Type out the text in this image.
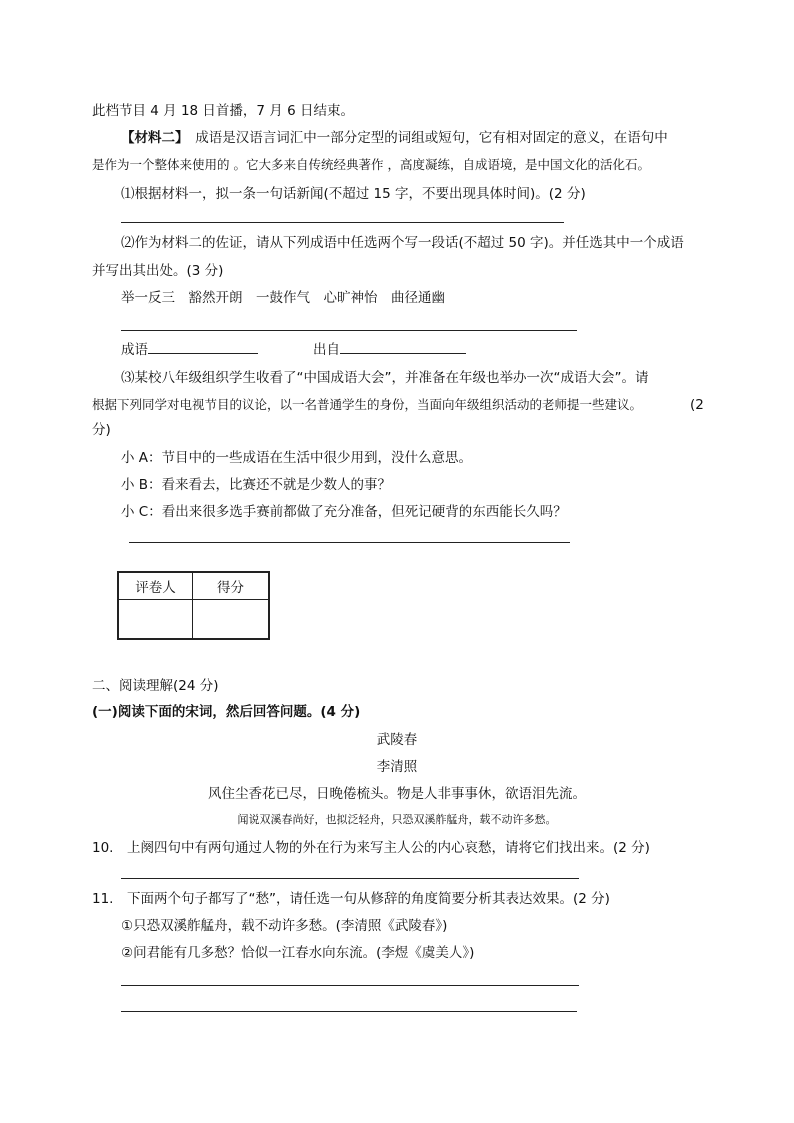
此档节目 4 月 18 日首播，7 月 6 日结束。
【材料二】　 成语是汉语言词汇中一部分定型的词组或短句，它有相对固定的意义，在语句中
是作为一个整体来使用的 。它大多来自传统经典著作 ，高度凝练，自成语境，是中国文化的活化石。
⑴根据材料一，拟一条一句话新闻(不超过 15 字，不要出现具体时间)。(2 分)
⑵作为材料二的佐证，请从下列成语中任选两个写一段话(不超过 50 字)。并任选其中一个成语
并写出其出处。(3 分)
举一反三　 豁然开朗　 一鼓作气　 心旷神怡　 曲径通幽
成语	出自
⑶某校八年级组织学生收看了“中国成语大会”，并准备在年级也举办一次“成语大会”。请
根据下列同学对电视节目的议论，以一名普通学生的身份，当面向年级组织活动的老师提一些建议。	(2
分)
小 A：节目中的一些成语在生活中很少用到，没什么意思。
小 B：看来看去，比赛还不就是少数人的事？
小 C：看出来很多选手赛前都做了充分准备，但死记硬背的东西能长久吗？
评卷人	得分

二、阅读理解(24 分)
(一)阅读下面的宋词，然后回答问题。(4 分)
武陵春
李清照
风住尘香花已尽，日晚倦梳头。物是人非事事休，欲语泪先流。
闻说双溪春尚好，也拟泛轻舟，只恐双溪舴艋舟，载不动许多愁。
10.　上阕四句中有两句通过人物的外在行为来写主人公的内心哀愁，请将它们找出来。(2 分)
11.　下面两个句子都写了“愁”，请任选一句从修辞的角度简要分析其表达效果。(2 分)
①只恐双溪舴艋舟，载不动许多愁。(李清照《武陵春》)
②问君能有几多愁？恰似一江春水向东流。(李煜《虞美人》)
